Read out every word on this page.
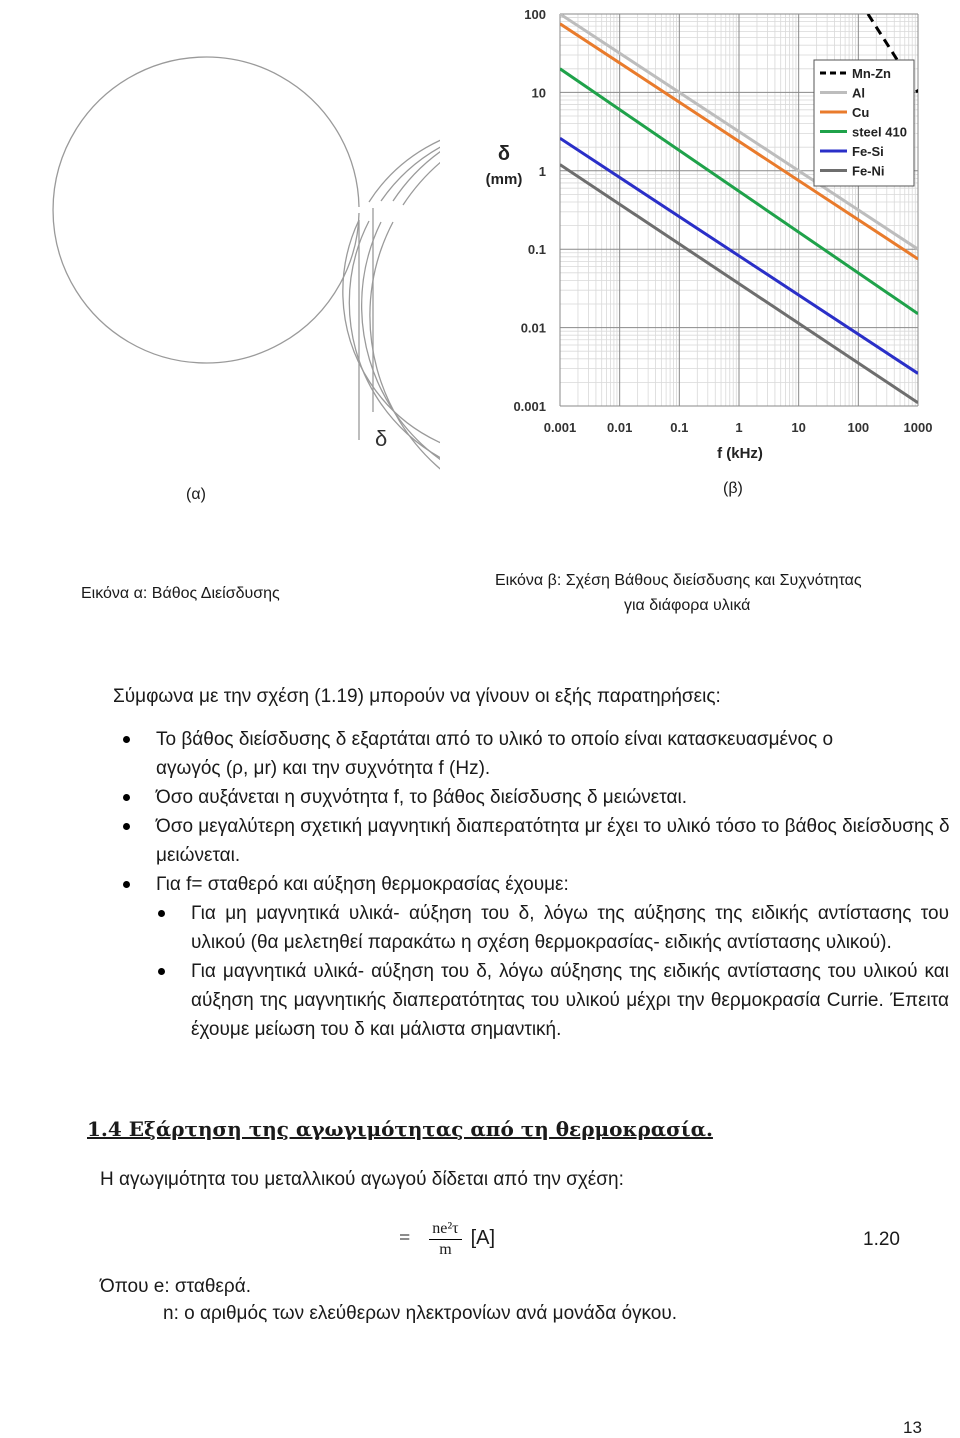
δ	0.001 0.01	0.1	1	10	100	1000
100
10
1
0.1
0.01
0.001
δ
(mm)
f (kHz)
Mn-Zn
Al
Cu
steel 410
Fe-Si
Fe-Ni
(α)	(β)
Εικόνα α: Βάθος Διείσδυσης
Εικόνα β: Σχέση Βάθους διείσδυσης και Συχνότητας
για διάφορα υλικά
Σύμφωνα με την σχέση (1.19) μπορούν να γίνουν οι εξής παρατηρήσεις:
Το βάθος διείσδυσης δ εξαρτάται από το υλικό το οποίο είναι κατασκευασμένος ο
αγωγός (ρ, μr) και την συχνότητα f (Hz).
Όσο αυξάνεται η συχνότητα f, το βάθος διείσδυσης δ μειώνεται.
Όσο μεγαλύτερη σχετική μαγνητική διαπερατότητα μr έχει το υλικό τόσο το βάθος διείσδυσης δ μειώνεται.
Για f= σταθερό και αύξηση θερμοκρασίας έχουμε:
Για μη μαγνητικά υλικά- αύξηση του δ, λόγω της αύξησης της ειδικής αντίστασης του υλικού (θα μελετηθεί παρακάτω η σχέση θερμοκρασίας- ειδικής αντίστασης υλικού).
Για μαγνητικά υλικά- αύξηση του δ, λόγω αύξησης της ειδικής αντίστασης του υλικού και αύξηση της μαγνητικής διαπερατότητας του υλικού μέχρι την θερμοκρασία Currie. Έπειτα έχουμε μείωση του δ και μάλιστα σημαντική.
1.4 Εξάρτηση της αγωγιμότητας από τη θερμοκρασία.
Η αγωγιμότητα του μεταλλικού αγωγού δίδεται από την σχέση:
= $\frac{\text{ne²τ}}{m} [A]$	1.20
Όπου e: σταθερά.
n: ο αριθμός των ελεύθερων ηλεκτρονίων ανά μονάδα όγκου.
13
